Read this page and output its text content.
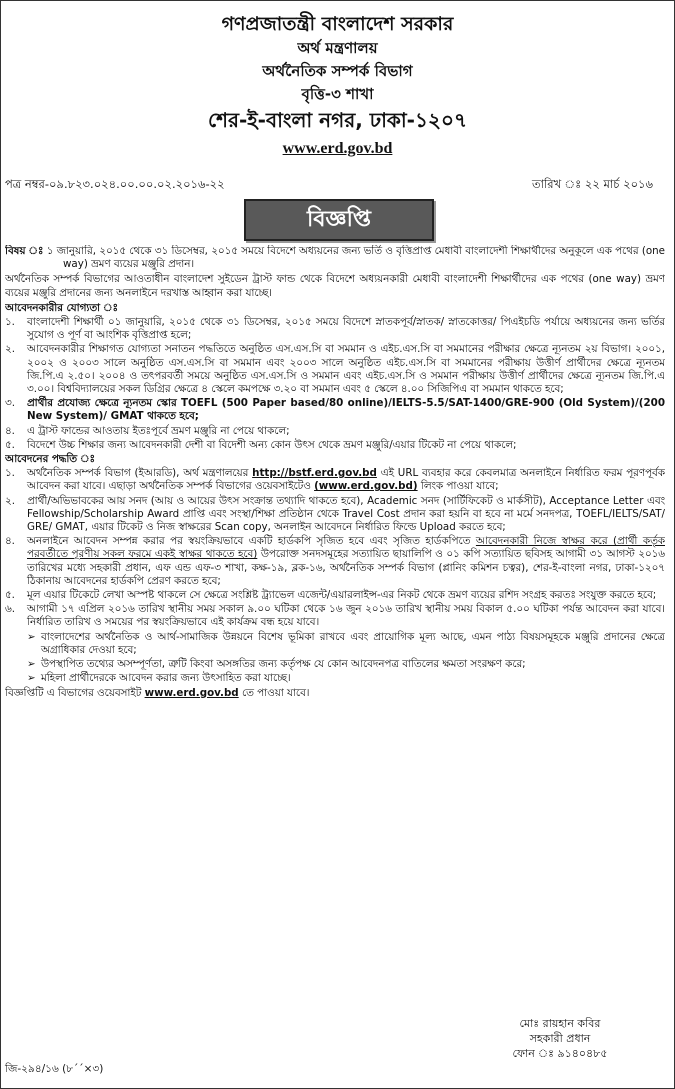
গণপ্রজাতন্ত্রী বাংলাদেশ সরকার
অর্থ মন্ত্রণালয়
অর্থনৈতিক সম্পর্ক বিভাগ
বৃত্তি-৩ শাখা
শের-ই-বাংলা নগর, ঢাকা-১২০৭
www.erd.gov.bd
পত্র নম্বর-০৯.৮২৩.০২৪.০০.০০.০২.২০১৬-২২	তারিখ ঃ ২২ মার্চ ২০১৬
বিজ্ঞপ্তি

বিষয় ঃ ১ জানুয়ারি, ২০১৫ থেকে ৩১ ডিসেম্বর, ২০১৫ সময়ে বিদেশে অধ্যয়নের জন্য ভর্তি ও বৃত্তিপ্রাপ্ত মেধাবী বাংলাদেশী শিক্ষার্থীদের অনুকূলে এক পথের (one way) ভ্রমণ ব্যয়ের মঞ্জুরি প্রদান।

অর্থনৈতিক সম্পর্ক বিভাগের আওতাধীন বাংলাদেশ সুইডেন ট্রাস্ট ফান্ড থেকে বিদেশে অধ্যয়নকারী মেধাবী বাংলাদেশী শিক্ষার্থীদের এক পথের (one way) ভ্রমণ ব্যয়ের মঞ্জুরি প্রদানের জন্য অনলাইনে দরখাস্ত আহ্বান করা যাচ্ছে।

আবেদনকারীর যোগ্যতা ঃ
১.	বাংলাদেশী শিক্ষার্থী ০১ জানুয়ারি, ২০১৫ থেকে ৩১ ডিসেম্বর, ২০১৫ সময়ে বিদেশে স্নাতকপূর্ব/স্নাতক/ স্নাতকোত্তর/ পিএইচডি পর্যায়ে অধ্যয়নের জন্য ভর্তির সুযোগ ও পূর্ণ বা আংশিক বৃত্তিপ্রাপ্ত হলে;
২.	আবেদনকারীর শিক্ষাগত যোগ্যতা সনাতন পদ্ধতিতে অনুষ্ঠিত এস.এস.সি বা সমমান ও এইচ.এস.সি বা সমমানের পরীক্ষার ক্ষেত্রে ন্যূনতম ২য় বিভাগ। ২০০১, ২০০২ ও ২০০৩ সালে অনুষ্ঠিত এস.এস.সি বা সমমান এবং ২০০৩ সালে অনুষ্ঠিত এইচ.এস.সি বা সমমানের পরীক্ষায় উত্তীর্ণ প্রার্থীদের ক্ষেত্রে ন্যূনতম জি.পি.এ ২.৫০। ২০০৪ ও তৎপরবর্তী সময়ে অনুষ্ঠিত এস.এস.সি ও সমমান এবং এইচ.এস.সি ও সমমান পরীক্ষায় উত্তীর্ণ প্রার্থীদের ক্ষেত্রে ন্যূনতম জি.পি.এ ৩.০০। বিশ্ববিদ্যালয়ের সকল ডিগ্রির ক্ষেত্রে ৪ স্কেলে কমপক্ষে ৩.২০ বা সমমান এবং ৫ স্কেলে ৪.০০ সিজিপিএ বা সমমান থাকতে হবে;
৩.	প্রার্থীর প্রযোজ্য ক্ষেত্রে ন্যূনতম স্কোর TOEFL (500 Paper based/80 online)/IELTS-5.5/SAT-1400/GRE-900 (Old System)/(200 New System)/ GMAT থাকতে হবে;
৪.	এ ট্রাস্ট ফান্ডের আওতায় ইতঃপূর্বে ভ্রমণ মঞ্জুরি না পেয়ে থাকলে;
৫.	বিদেশে উচ্চ শিক্ষার জন্য আবেদনকারী দেশী বা বিদেশী অন্য কোন উৎস থেকে ভ্রমণ মঞ্জুরি/এয়ার টিকেট না পেয়ে থাকলে;
আবেদনের পদ্ধতি ঃ
১.	অর্থনৈতিক সম্পর্ক বিভাগ (ইআরডি), অর্থ মন্ত্রণালয়ের http://bstf.erd.gov.bd এই URL ব্যবহার করে কেবলমাত্র অনলাইনে নির্ধারিত ফরম পূরণপূর্বক আবেদন করা যাবে। এছাড়া অর্থনৈতিক সম্পর্ক বিভাগের ওয়েবসাইটেও (www.erd.gov.bd) লিংক পাওয়া যাবে;
২.	প্রার্থী/অভিভাবকের আয় সনদ (আয় ও আয়ের উৎস সংক্রান্ত তথ্যাদি থাকতে হবে), Academic সনদ (সার্টিফিকেট ও মার্কসীট), Acceptance Letter এবং Fellowship/Scholarship Award প্রাপ্তি এবং সংস্থা/শিক্ষা প্রতিষ্ঠান থেকে Travel Cost প্রদান করা হয়নি বা হবে না মর্মে সনদপত্র, TOEFL/IELTS/SAT/ GRE/ GMAT, এয়ার টিকেট ও নিজ স্বাক্ষরের Scan copy, অনলাইন আবেদনে নির্ধারিত ফিল্ডে Upload করতে হবে;
৪.	অনলাইনে আবেদন সম্পন্ন করার পর স্বয়ংক্রিয়ভাবে একটি হার্ডকপি সৃজিত হবে এবং সৃজিত হার্ডকপিতে আবেদনকারী নিজে স্বাক্ষর করে (প্রার্থী কর্তৃক পরবর্তীতে পূরণীয় সকল ফরমে একই স্বাক্ষর থাকতে হবে) উপরোক্ত সনদসমূহের সত্যায়িত ছায়ালিপি ও ০১ কপি সত্যায়িত ছবিসহ আগামী ৩১ আগস্ট ২০১৬ তারিখের মধ্যে সহকারী প্রধান, এফ এন্ড এফ-৩ শাখা, কক্ষ-১৯, ব্লক-১৬, অর্থনৈতিক সম্পর্ক বিভাগ (প্লানিং কমিশন চত্বর), শের-ই-বাংলা নগর, ঢাকা-১২০৭ ঠিকানায় আবেদনের হার্ডকপি প্রেরণ করতে হবে;
৫.	মূল এয়ার টিকেটে লেখা অস্পষ্ট থাকলে সে ক্ষেত্রে সংশ্লিষ্ট ট্র্যাভেল এজেন্ট/এয়ারলাইন্স-এর নিকট থেকে ভ্রমণ ব্যয়ের রশিদ সংগ্রহ করতঃ সংযুক্ত করতে হবে;
৬.	আগামী ১৭ এপ্রিল ২০১৬ তারিখ স্থানীয় সময় সকাল ৯.০০ ঘটিকা থেকে ১৬ জুন ২০১৬ তারিখ স্থানীয় সময় বিকাল ৫.০০ ঘটিকা পর্যন্ত আবেদন করা যাবে। নির্ধারিত তারিখ ও সময়ের পর স্বয়ংক্রিয়ভাবে এই কার্যক্রম বন্ধ হয়ে যাবে।
➢ বাংলাদেশের অর্থনৈতিক ও আর্থ-সামাজিক উন্নয়নে বিশেষ ভূমিকা রাখবে এবং প্রায়োগিক মূল্য আছে, এমন পাঠ্য বিষয়সমূহকে মঞ্জুরি প্রদানের ক্ষেত্রে অগ্রাধিকার দেওয়া হবে;
➢ উপস্থাপিত তথ্যের অসম্পূর্ণতা, ত্রুটি কিংবা অসঙ্গতির জন্য কর্তৃপক্ষ যে কোন আবেদনপত্র বাতিলের ক্ষমতা সংরক্ষণ করে;
➢ মহিলা প্রার্থীদেরকে আবেদন করার জন্য উৎসাহিত করা যাচ্ছে।

বিজ্ঞপ্তিটি এ বিভাগের ওয়েবসাইট www.erd.gov.bd তে পাওয়া যাবে।

মোঃ রায়হান কবির
সহকারী প্রধান
ফোন ঃ ৯১৪০৪৮৫
জি-২৯৪/১৬ (৮´´×৩)
